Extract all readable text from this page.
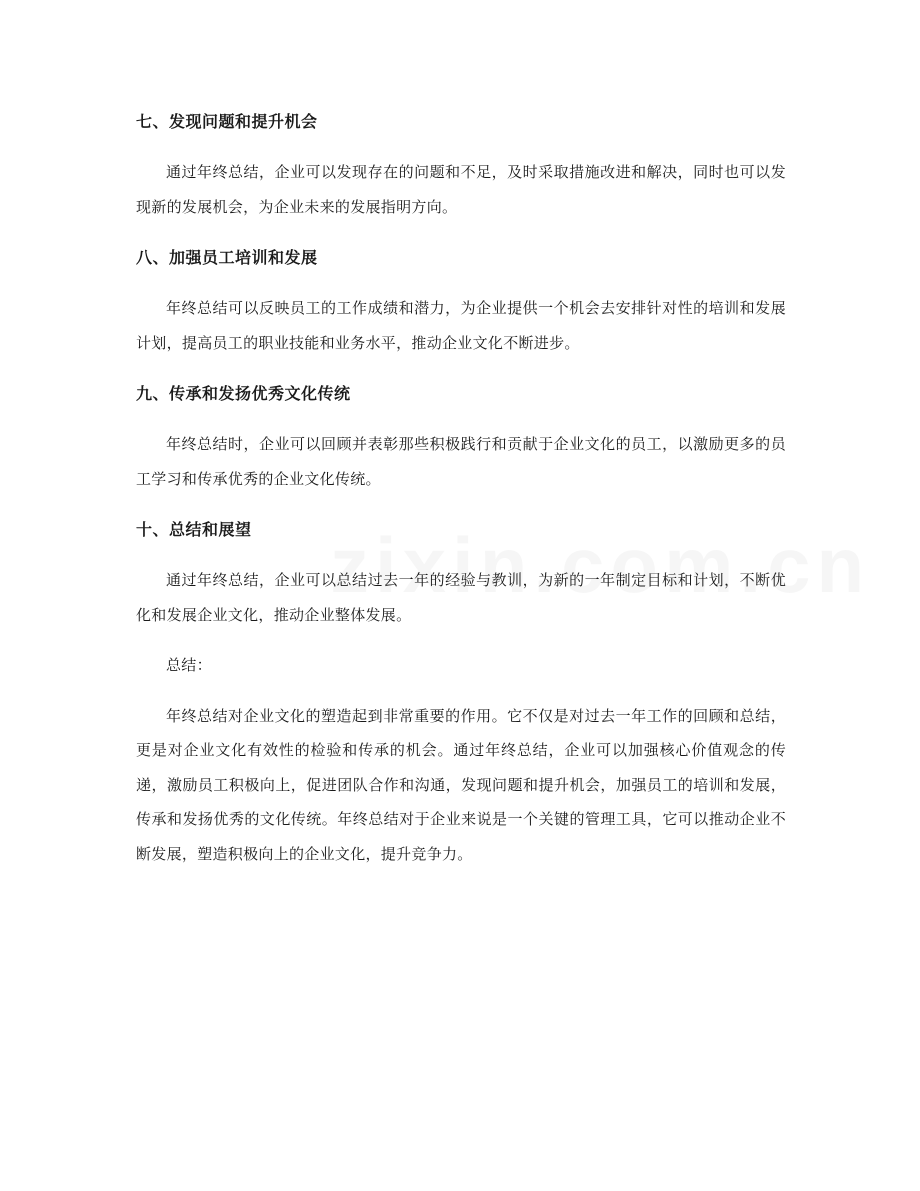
七、发现问题和提升机会

通过年终总结，企业可以发现存在的问题和不足，及时采取措施改进和解决，同时也可以发现新的发展机会，为企业未来的发展指明方向。

八、加强员工培训和发展

年终总结可以反映员工的工作成绩和潜力，为企业提供一个机会去安排针对性的培训和发展计划，提高员工的职业技能和业务水平，推动企业文化不断进步。

九、传承和发扬优秀文化传统

年终总结时，企业可以回顾并表彰那些积极践行和贡献于企业文化的员工，以激励更多的员工学习和传承优秀的企业文化传统。

十、总结和展望

通过年终总结，企业可以总结过去一年的经验与教训，为新的一年制定目标和计划，不断优化和发展企业文化，推动企业整体发展。

总结：

年终总结对企业文化的塑造起到非常重要的作用。它不仅是对过去一年工作的回顾和总结，更是对企业文化有效性的检验和传承的机会。通过年终总结，企业可以加强核心价值观念的传递，激励员工积极向上，促进团队合作和沟通，发现问题和提升机会，加强员工的培训和发展，传承和发扬优秀的文化传统。年终总结对于企业来说是一个关键的管理工具，它可以推动企业不断发展，塑造积极向上的企业文化，提升竞争力。
